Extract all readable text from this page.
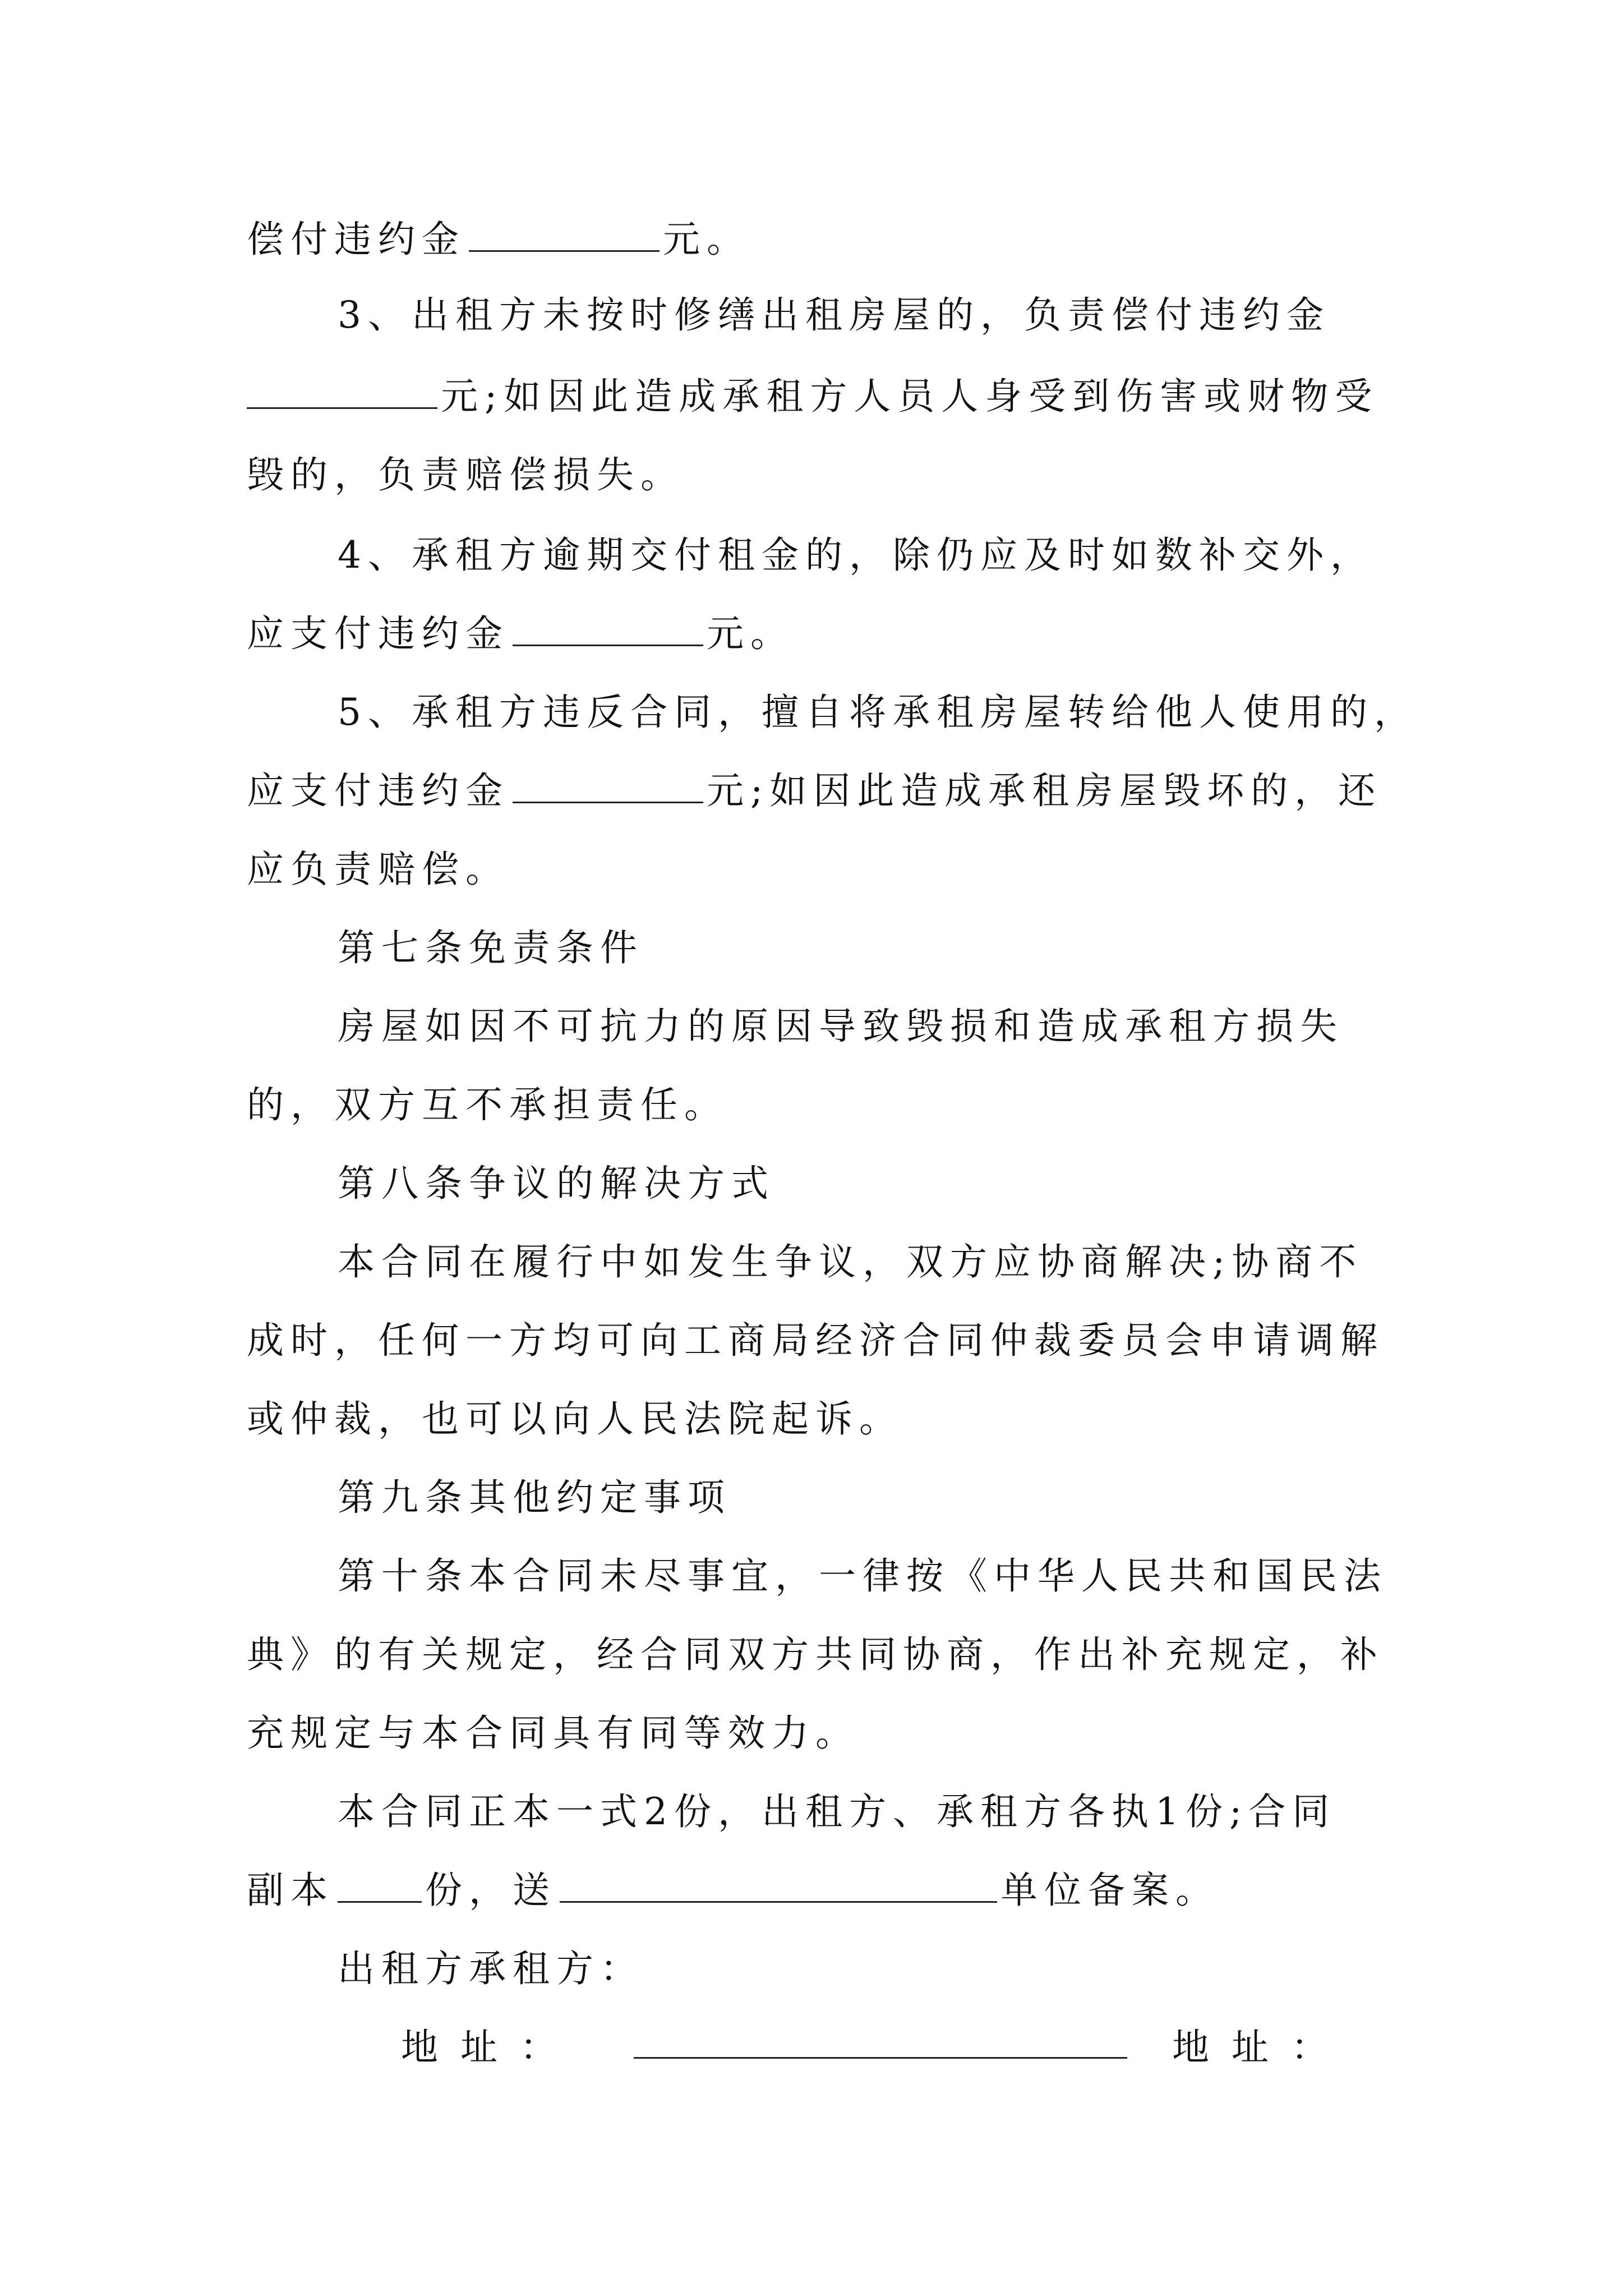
偿付违约金	元。
3、出租方未按时修缮出租房屋的，负责偿付违约金
元;如因此造成承租方人员人身受到伤害或财物受
毁的，负责赔偿损失。
4、承租方逾期交付租金的，除仍应及时如数补交外，
应支付违约金	元。
5、承租方违反合同，擅自将承租房屋转给他人使用的，
应支付违约金	元;如因此造成承租房屋毁坏的，还
应负责赔偿。
第七条免责条件
房屋如因不可抗力的原因导致毁损和造成承租方损失
的，双方互不承担责任。
第八条争议的解决方式
本合同在履行中如发生争议，双方应协商解决;协商不
成时，任何一方均可向工商局经济合同仲裁委员会申请调解
或仲裁，也可以向人民法院起诉。
第九条其他约定事项
第十条本合同未尽事宜，一律按《中华人民共和国民法
典》的有关规定，经合同双方共同协商，作出补充规定，补
充规定与本合同具有同等效力。
本合同正本一式2份，出租方、承租方各执1份;合同
副本 份，送	单位备案。
出租方承租方：
地址：	地址：
